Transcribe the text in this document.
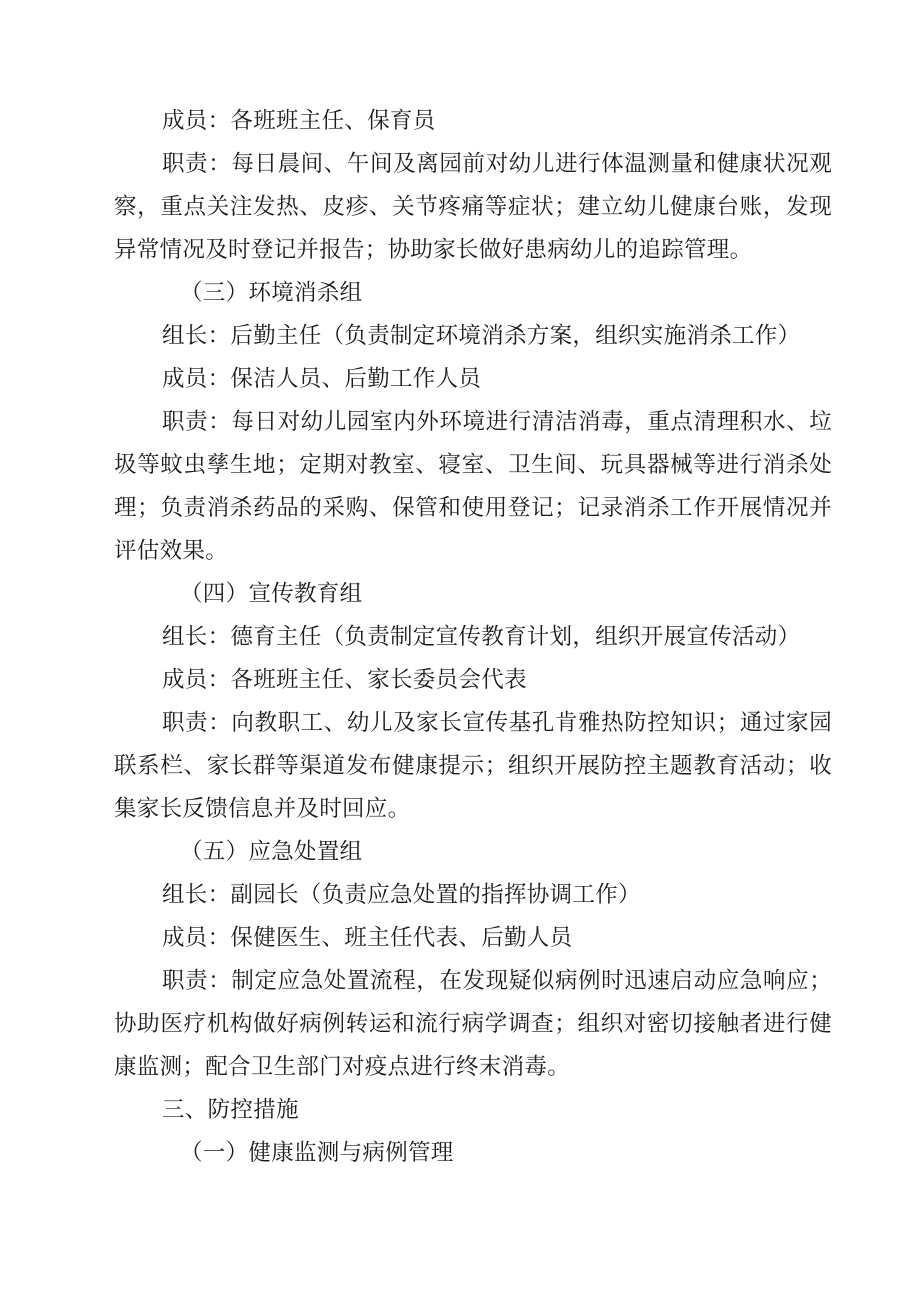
成员：各班班主任、保育员

职责：每日晨间、午间及离园前对幼儿进行体温测量和健康状况观察，重点关注发热、皮疹、关节疼痛等症状；建立幼儿健康台账，发现异常情况及时登记并报告；协助家长做好患病幼儿的追踪管理。

（三）环境消杀组

组长：后勤主任（负责制定环境消杀方案，组织实施消杀工作）

成员：保洁人员、后勤工作人员

职责：每日对幼儿园室内外环境进行清洁消毒，重点清理积水、垃圾等蚊虫孳生地；定期对教室、寝室、卫生间、玩具器械等进行消杀处理；负责消杀药品的采购、保管和使用登记；记录消杀工作开展情况并评估效果。

（四）宣传教育组

组长：德育主任（负责制定宣传教育计划，组织开展宣传活动）

成员：各班班主任、家长委员会代表

职责：向教职工、幼儿及家长宣传基孔肯雅热防控知识；通过家园联系栏、家长群等渠道发布健康提示；组织开展防控主题教育活动；收集家长反馈信息并及时回应。

（五）应急处置组

组长：副园长（负责应急处置的指挥协调工作）

成员：保健医生、班主任代表、后勤人员

职责：制定应急处置流程，在发现疑似病例时迅速启动应急响应；协助医疗机构做好病例转运和流行病学调查；组织对密切接触者进行健康监测；配合卫生部门对疫点进行终末消毒。

三、防控措施

（一）健康监测与病例管理
